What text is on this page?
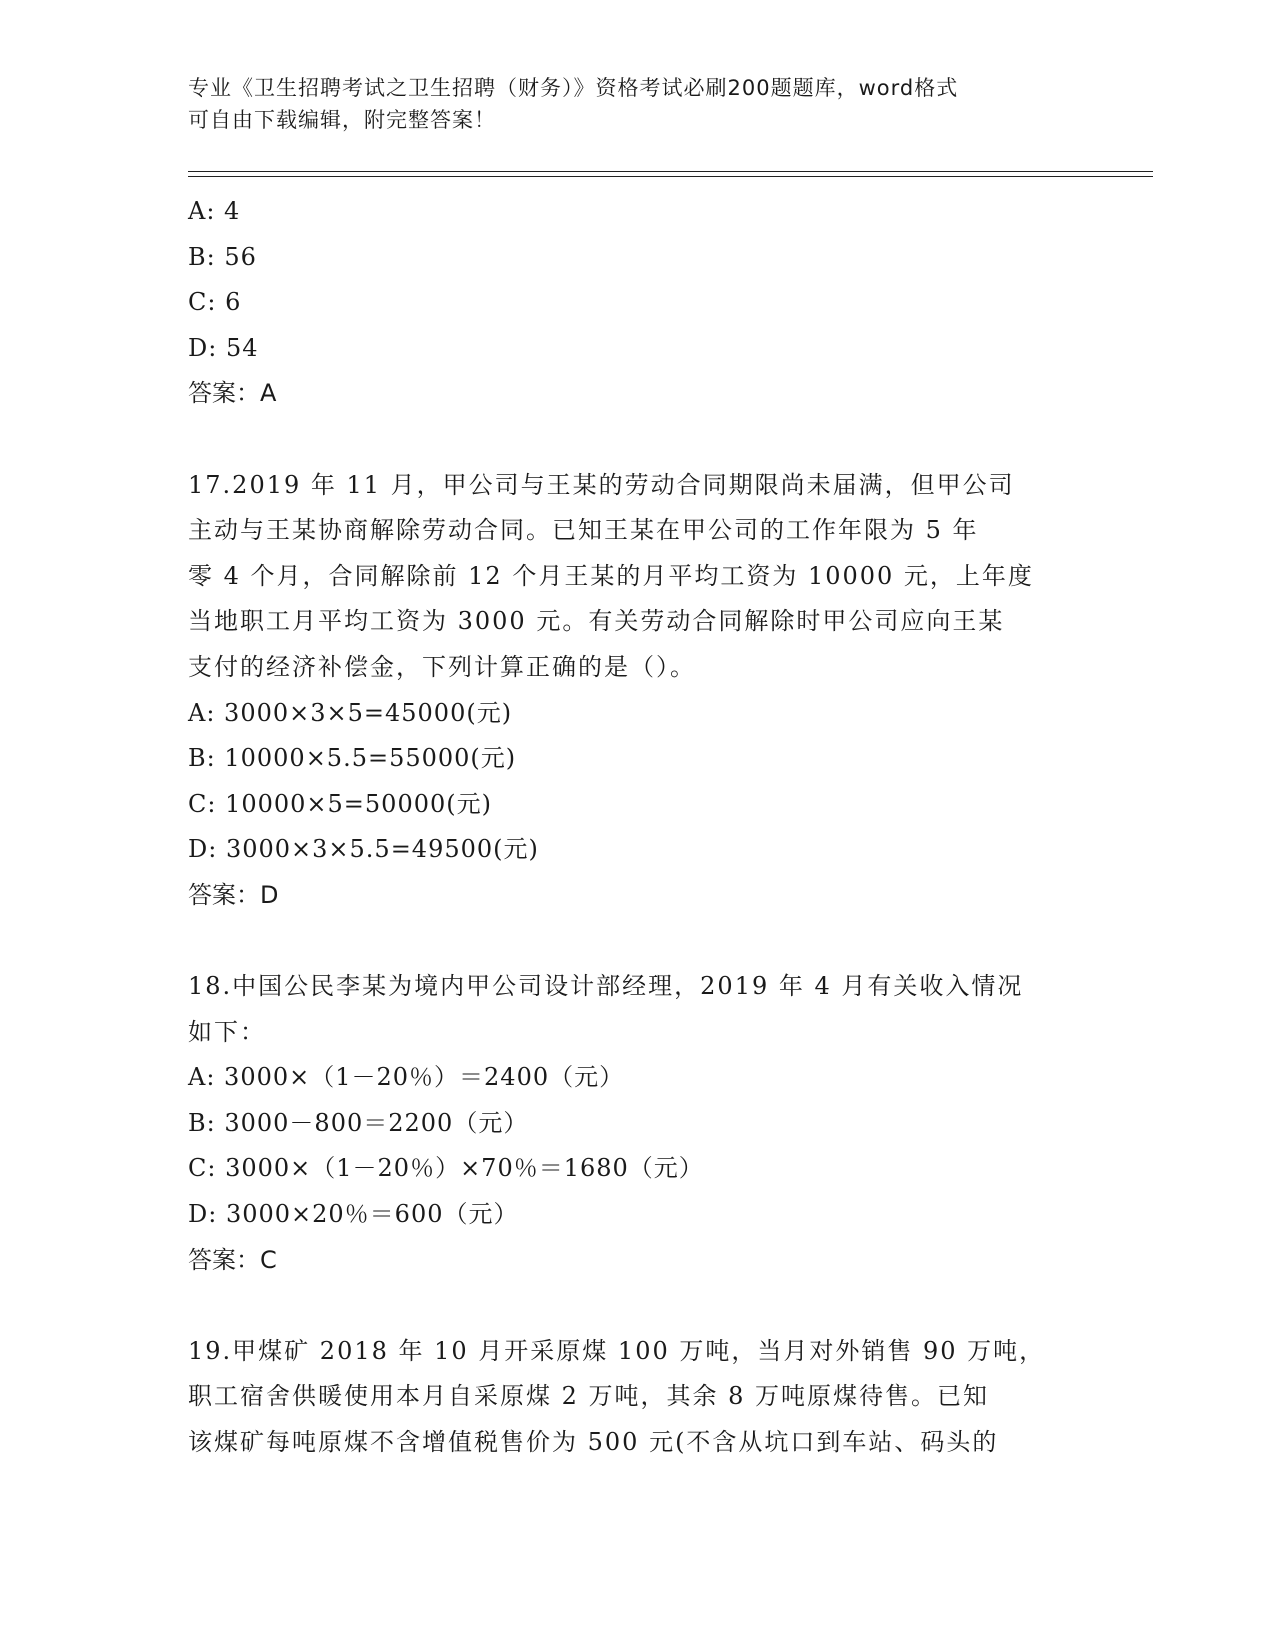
专业《卫生招聘考试之卫生招聘（财务）》资格考试必刷200题题库，word格式
可自由下载编辑，附完整答案！
A: 4
B: 56
C: 6
D: 54
答案：A
17.2019 年 11 月，甲公司与王某的劳动合同期限尚未届满，但甲公司
主动与王某协商解除劳动合同。已知王某在甲公司的工作年限为 5 年
零 4 个月，合同解除前 12 个月王某的月平均工资为 10000 元，上年度
当地职工月平均工资为 3000 元。有关劳动合同解除时甲公司应向王某
支付的经济补偿金，下列计算正确的是（）。
A: 3000×3×5=45000(元)
B: 10000×5.5=55000(元)
C: 10000×5=50000(元)
D: 3000×3×5.5=49500(元)
答案：D
18.中国公民李某为境内甲公司设计部经理，2019 年 4 月有关收入情况
如下：
A: 3000×（1－20％）＝2400（元）
B: 3000－800＝2200（元）
C: 3000×（1－20％）×70％＝1680（元）
D: 3000×20％＝600（元）
答案：C
19.甲煤矿 2018 年 10 月开采原煤 100 万吨，当月对外销售 90 万吨，
职工宿舍供暖使用本月自采原煤 2 万吨，其余 8 万吨原煤待售。已知
该煤矿每吨原煤不含增值税售价为 500 元(不含从坑口到车站、码头的
